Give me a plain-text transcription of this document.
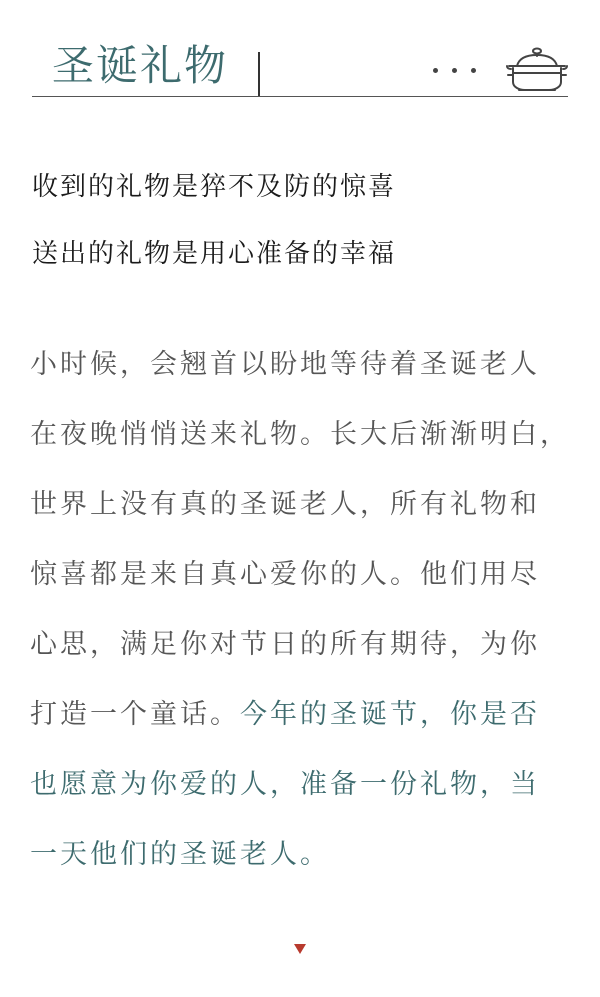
圣诞礼物

收到的礼物是猝不及防的惊喜

送出的礼物是用心准备的幸福

小时候，会翘首以盼地等待着圣诞老人
在夜晚悄悄送来礼物。长大后渐渐明白，
世界上没有真的圣诞老人，所有礼物和
惊喜都是来自真心爱你的人。他们用尽
心思，满足你对节日的所有期待，为你
打造一个童话。今年的圣诞节，你是否
也愿意为你爱的人，准备一份礼物，当
一天他们的圣诞老人。
